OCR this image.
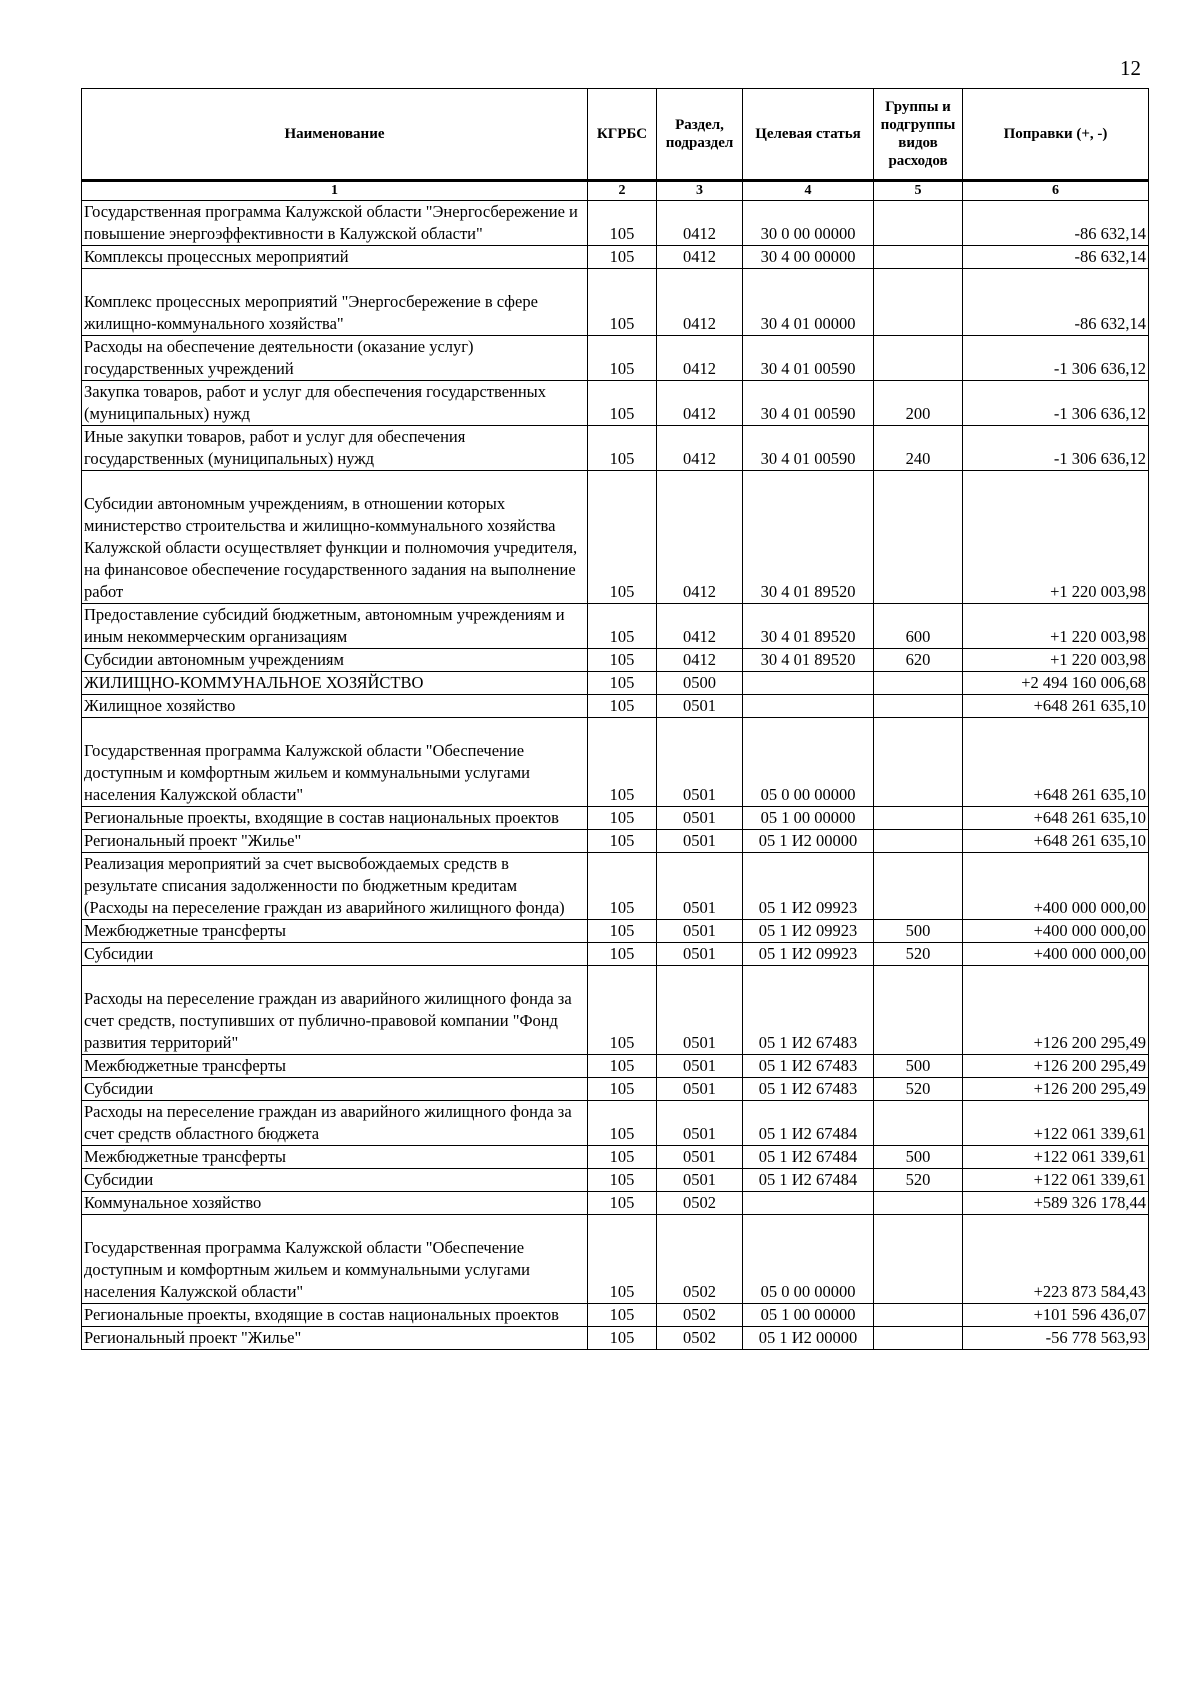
12
Наименование	КГРБС	Раздел, подраздел	Целевая статья	Группы и подгруппы видов расходов	Поправки (+, -)
1	2	3	4	5	6
Государственная программа Калужской области "Энергосбережение и повышение энергоэффективности в Калужской области"	105	0412	30 0 00 00000		-86 632,14
Комплексы процессных мероприятий	105	0412	30 4 00 00000		-86 632,14
Комплекс процессных мероприятий "Энергосбережение в сфере жилищно-коммунального хозяйства"	105	0412	30 4 01 00000		-86 632,14
Расходы на обеспечение деятельности (оказание услуг) государственных учреждений	105	0412	30 4 01 00590		-1 306 636,12
Закупка товаров, работ и услуг для обеспечения государственных (муниципальных) нужд	105	0412	30 4 01 00590	200	-1 306 636,12
Иные закупки товаров, работ и услуг для обеспечения государственных (муниципальных) нужд	105	0412	30 4 01 00590	240	-1 306 636,12
Субсидии автономным учреждениям, в отношении которых министерство строительства и жилищно-коммунального хозяйства Калужской области осуществляет функции и полномочия учредителя, на финансовое обеспечение государственного задания на выполнение работ	105	0412	30 4 01 89520		+1 220 003,98
Предоставление субсидий бюджетным, автономным учреждениям и иным некоммерческим организациям	105	0412	30 4 01 89520	600	+1 220 003,98
Субсидии автономным учреждениям	105	0412	30 4 01 89520	620	+1 220 003,98
ЖИЛИЩНО-КОММУНАЛЬНОЕ ХОЗЯЙСТВО	105	0500			+2 494 160 006,68
Жилищное хозяйство	105	0501			+648 261 635,10
Государственная программа Калужской области "Обеспечение доступным и комфортным жильем и коммунальными услугами населения Калужской области"	105	0501	05 0 00 00000		+648 261 635,10
Региональные проекты, входящие в состав национальных проектов	105	0501	05 1 00 00000		+648 261 635,10
Региональный проект "Жилье"	105	0501	05 1 И2 00000		+648 261 635,10
Реализация мероприятий за счет высвобождаемых средств в результате списания задолженности по бюджетным кредитам (Расходы на переселение граждан из аварийного жилищного фонда)	105	0501	05 1 И2 09923		+400 000 000,00
Межбюджетные трансферты	105	0501	05 1 И2 09923	500	+400 000 000,00
Субсидии	105	0501	05 1 И2 09923	520	+400 000 000,00
Расходы на переселение граждан из аварийного жилищного фонда за счет средств, поступивших от публично-правовой компании "Фонд развития территорий"	105	0501	05 1 И2 67483		+126 200 295,49
Межбюджетные трансферты	105	0501	05 1 И2 67483	500	+126 200 295,49
Субсидии	105	0501	05 1 И2 67483	520	+126 200 295,49
Расходы на переселение граждан из аварийного жилищного фонда за счет средств областного бюджета	105	0501	05 1 И2 67484		+122 061 339,61
Межбюджетные трансферты	105	0501	05 1 И2 67484	500	+122 061 339,61
Субсидии	105	0501	05 1 И2 67484	520	+122 061 339,61
Коммунальное хозяйство	105	0502			+589 326 178,44
Государственная программа Калужской области "Обеспечение доступным и комфортным жильем и коммунальными услугами населения Калужской области"	105	0502	05 0 00 00000		+223 873 584,43
Региональные проекты, входящие в состав национальных проектов	105	0502	05 1 00 00000		+101 596 436,07
Региональный проект "Жилье"	105	0502	05 1 И2 00000		-56 778 563,93
